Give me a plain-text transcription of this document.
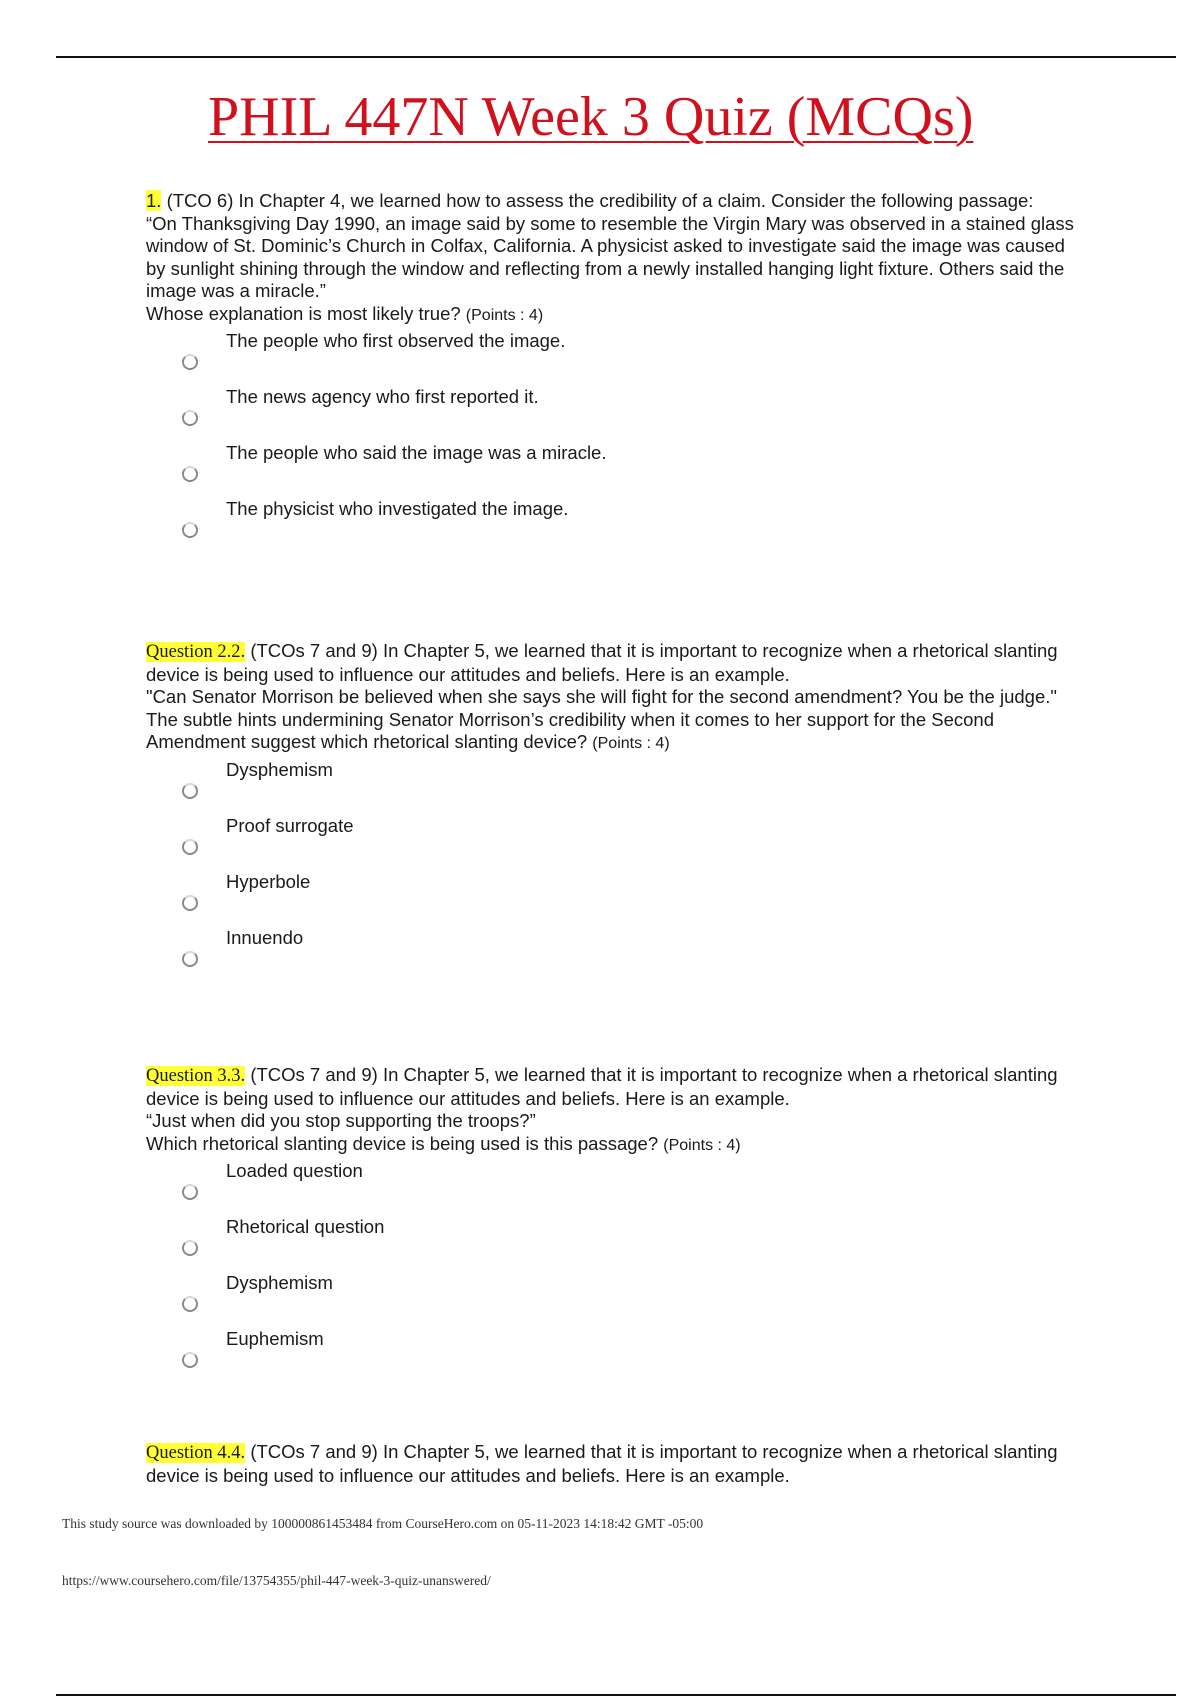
PHIL 447N Week 3 Quiz (MCQs)

1. (TCO 6) In Chapter 4, we learned how to assess the credibility of a claim. Consider the following passage:

“On Thanksgiving Day 1990, an image said by some to resemble the Virgin Mary was observed in a stained glass window of St. Dominic’s Church in Colfax, California. A physicist asked to investigate said the image was caused by sunlight shining through the window and reflecting from a newly installed hanging light fixture. Others said the image was a miracle.”

Whose explanation is most likely true? (Points : 4)

The people who first observed the image.
The news agency who first reported it.
The people who said the image was a miracle.
The physicist who investigated the image.

Question 2.2. (TCOs 7 and 9) In Chapter 5, we learned that it is important to recognize when a rhetorical slanting device is being used to influence our attitudes and beliefs. Here is an example.

"Can Senator Morrison be believed when she says she will fight for the second amendment? You be the judge."

The subtle hints undermining Senator Morrison’s credibility when it comes to her support for the Second Amendment suggest which rhetorical slanting device? (Points : 4)

Dysphemism
Proof surrogate
Hyperbole
Innuendo

Question 3.3. (TCOs 7 and 9) In Chapter 5, we learned that it is important to recognize when a rhetorical slanting device is being used to influence our attitudes and beliefs. Here is an example.

“Just when did you stop supporting the troops?”

Which rhetorical slanting device is being used is this passage? (Points : 4)

Loaded question
Rhetorical question
Dysphemism
Euphemism

Question 4.4. (TCOs 7 and 9) In Chapter 5, we learned that it is important to recognize when a rhetorical slanting device is being used to influence our attitudes and beliefs. Here is an example.

This study source was downloaded by 100000861453484 from CourseHero.com on 05-11-2023 14:18:42 GMT -05:00
https://www.coursehero.com/file/13754355/phil-447-week-3-quiz-unanswered/
